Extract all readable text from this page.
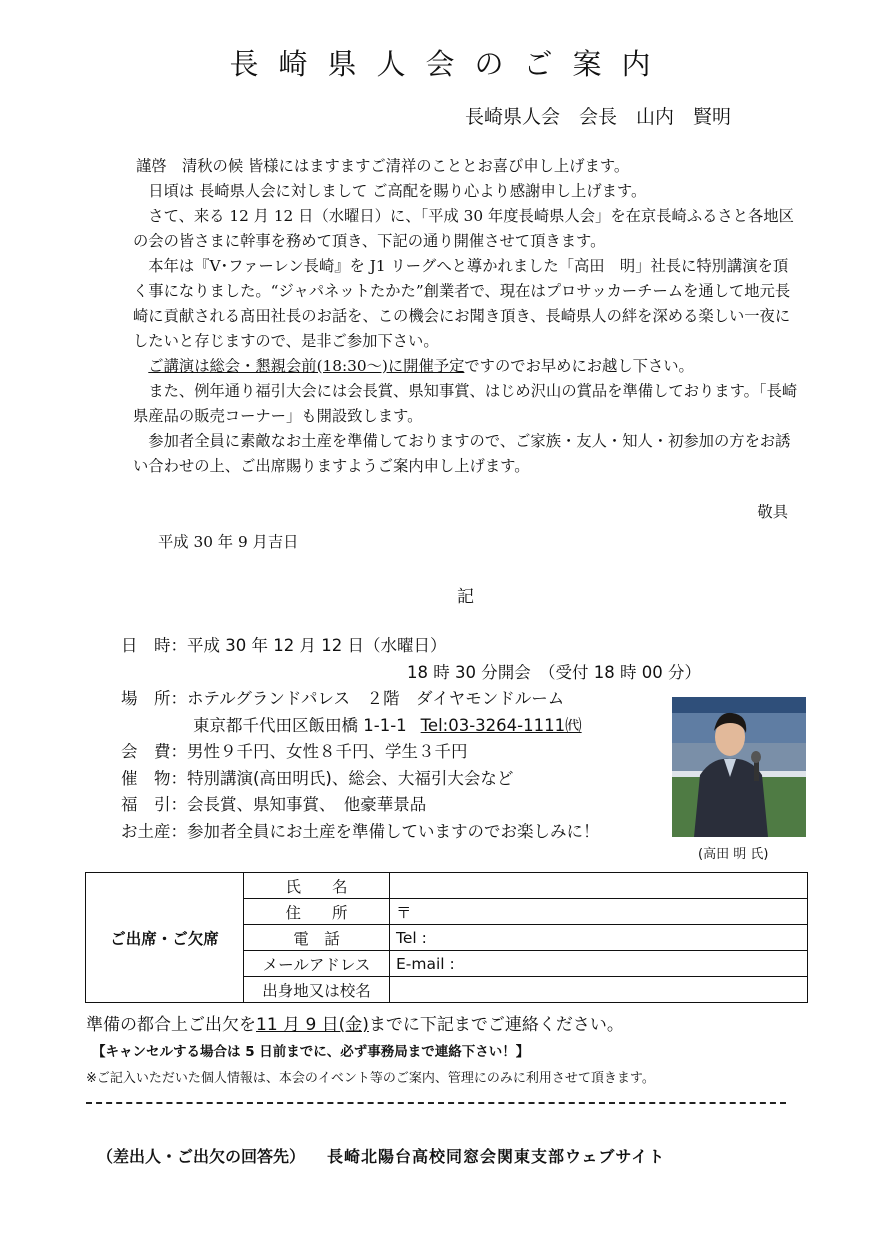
長崎県人会のご案内
長崎県人会　会長　山内　賢明

謹啓　清秋の候 皆様にはますますご清祥のこととお喜び申し上げます。

日頃は 長崎県人会に対しまして ご高配を賜り心より感謝申し上げます。

さて、来る 12 月 12 日（水曜日）に、「平成 30 年度長崎県人会」を在京長崎ふるさと各地区の会の皆さまに幹事を務めて頂き、下記の通り開催させて頂きます。

本年は『V･ファーレン長崎』を J1 リーグへと導かれました「高田　明」社長に特別講演を頂く事になりました。“ジャパネットたかた”創業者で、現在はプロサッカーチームを通して地元長崎に貢献される髙田社長のお話を、この機会にお聞き頂き、長崎県人の絆を深める楽しい一夜にしたいと存じますので、是非ご参加下さい。

ご講演は総会・懇親会前(18:30～)に開催予定ですのでお早めにお越し下さい。

また、例年通り福引大会には会長賞、県知事賞、はじめ沢山の賞品を準備しております。「長崎県産品の販売コーナー」も開設致します。

参加者全員に素敵なお土産を準備しておりますので、ご家族・友人・知人・初参加の方をお誘い合わせの上、ご出席賜りますようご案内申し上げます。

敬具
平成 30 年 9 月吉日
記
日　時：平成 30 年 12 月 12 日（水曜日）
18 時 30 分開会　（受付 18 時 00 分）
場　所：ホテルグランドパレス　２階　ダイヤモンドルーム
東京都千代田区飯田橋 1-1-1 Tel:03-3264-1111㈹
会　費：男性９千円、女性８千円、学生３千円
催　物：特別講演(高田明氏)、総会、大福引大会など
福　引：会長賞、県知事賞、　他豪華景品
お土産：参加者全員にお土産を準備していますのでお楽しみに！
(高田 明 氏)
ご出席・ご欠席	氏　　名	
	住　　所	〒
	電　話	Tel :
	メールアドレス	E-mail :
	出身地又は校名	
準備の都合上ご出欠を11 月 9 日(金)までに下記までご連絡ください。
【キャンセルする場合は 5 日前までに、必ず事務局まで連絡下さい！】
※ご記入いただいた個人情報は、本会のイベント等のご案内、管理にのみに利用させて頂きます。
（差出人・ご出欠の回答先） 長崎北陽台高校同窓会関東支部ウェブサイト
